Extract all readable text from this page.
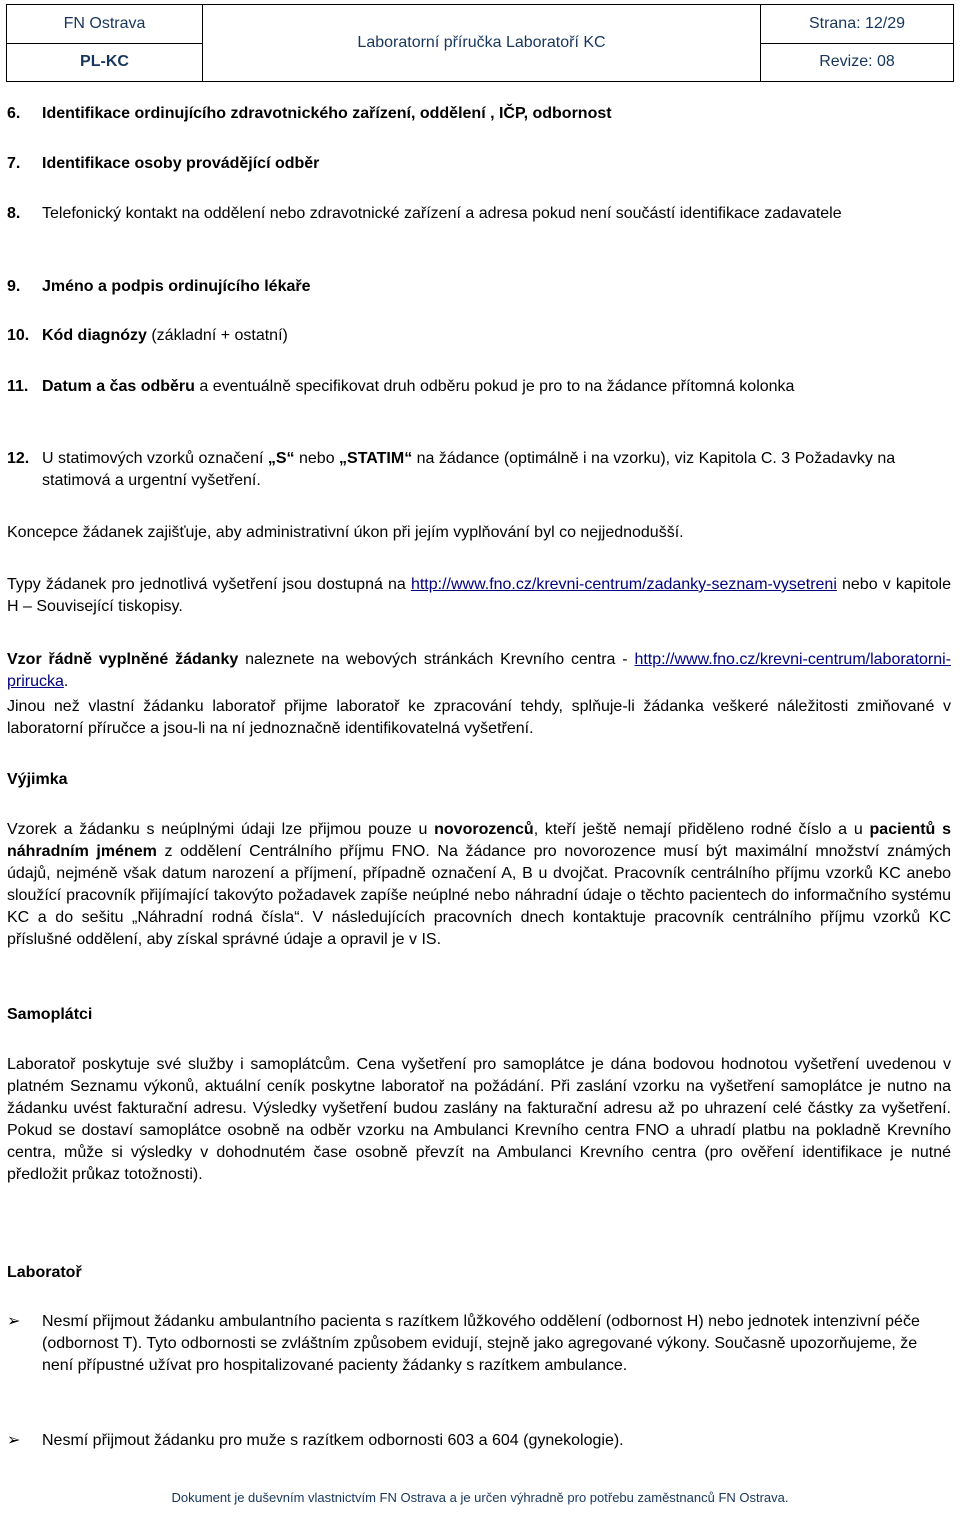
FN Ostrava	Laboratorní příručka Laboratoří KC	Strana: 12/29
PL-KC		Revize: 08
6.	Identifikace ordinujícího zdravotnického zařízení, oddělení , IČP, odbornost
7.	Identifikace osoby provádějící odběr
8.	Telefonický kontakt na oddělení nebo zdravotnické zařízení a adresa pokud není součástí identifikace zadavatele
9.	Jméno a podpis ordinujícího lékaře
10. Kód diagnózy (základní + ostatní)
11. Datum a čas odběru a eventuálně specifikovat druh odběru pokud je pro to na žádance přítomná kolonka
12. U statimových vzorků označení „S“ nebo „STATIM“ na žádance (optimálně i na vzorku), viz Kapitola C. 3 Požadavky na statimová a urgentní vyšetření.
Koncepce žádanek zajišťuje, aby administrativní úkon při jejím vyplňování byl co nejjednodušší.
Typy žádanek pro jednotlivá vyšetření jsou dostupná na http://www.fno.cz/krevni-centrum/zadanky-seznam-vysetreni nebo v kapitole H – Související tiskopisy.
Vzor řádně vyplněné žádanky naleznete na webových stránkách Krevního centra - http://www.fno.cz/krevni-centrum/laboratorni-prirucka.
Jinou než vlastní žádanku laboratoř přijme laboratoř ke zpracování tehdy, splňuje-li žádanka veškeré náležitosti zmiňované v laboratorní příručce a jsou-li na ní jednoznačně identifikovatelná vyšetření.
Výjimka
Vzorek a žádanku s neúplnými údaji lze přijmou pouze u novorozenců, kteří ještě nemají přiděleno rodné číslo a u pacientů s náhradním jménem z oddělení Centrálního příjmu FNO. Na žádance pro novorozence musí být maximální množství známých údajů, nejméně však datum narození a příjmení, případně označení A, B u dvojčat. Pracovník centrálního příjmu vzorků KC anebo sloužící pracovník přijímající takovýto požadavek zapíše neúplné nebo náhradní údaje o těchto pacientech do informačního systému KC a do sešitu „Náhradní rodná čísla“. V následujících pracovních dnech kontaktuje pracovník centrálního příjmu vzorků KC příslušné oddělení, aby získal správné údaje a opravil je v IS.
Samoplátci
Laboratoř poskytuje své služby i samoplátcům. Cena vyšetření pro samoplátce je dána bodovou hodnotou vyšetření uvedenou v platném Seznamu výkonů, aktuální ceník poskytne laboratoř na požádání. Při zaslání vzorku na vyšetření samoplátce je nutno na žádanku uvést fakturační adresu. Výsledky vyšetření budou zaslány na fakturační adresu až po uhrazení celé částky za vyšetření. Pokud se dostaví samoplátce osobně na odběr vzorku na Ambulanci Krevního centra FNO a uhradí platbu na pokladně Krevního centra, může si výsledky v dohodnutém čase osobně převzít na Ambulanci Krevního centra (pro ověření identifikace je nutné předložit průkaz totožnosti).
Laboratoř
➢	Nesmí přijmout žádanku ambulantního pacienta s razítkem lůžkového oddělení (odbornost H) nebo jednotek intenzivní péče (odbornost T). Tyto odbornosti se zvláštním způsobem evidují, stejně jako agregované výkony. Současně upozorňujeme, že není přípustné užívat pro hospitalizované pacienty žádanky s razítkem ambulance.
➢	Nesmí přijmout žádanku pro muže s razítkem odbornosti 603 a 604 (gynekologie).
Dokument je duševním vlastnictvím FN Ostrava a je určen výhradně pro potřebu zaměstnanců FN Ostrava.
